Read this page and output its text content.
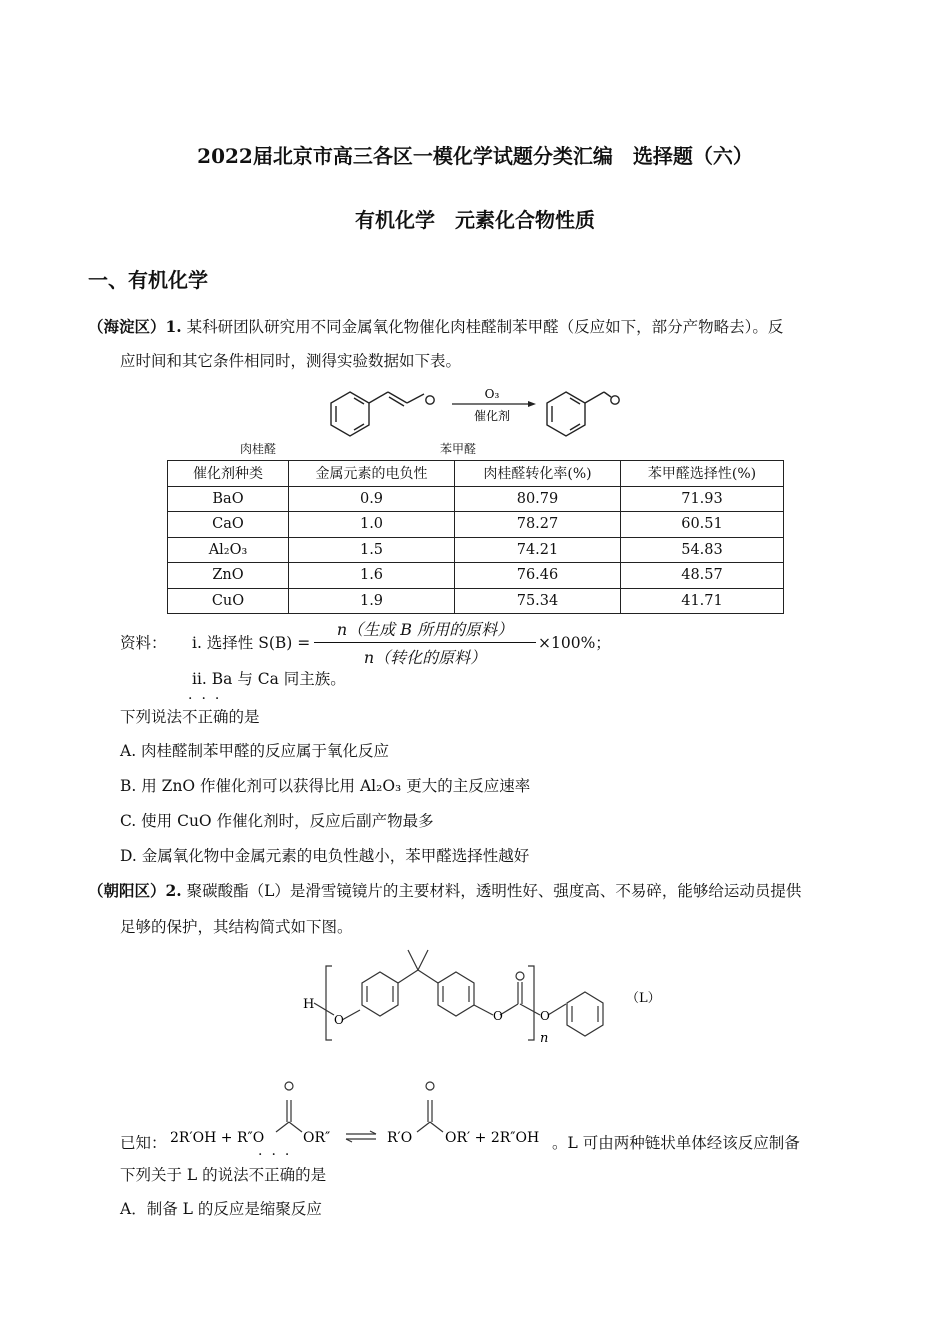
2022届北京市高三各区一模化学试题分类汇编　选择题（六）
有机化学　元素化合物性质
一、有机化学
（海淀区）1. 某科研团队研究用不同金属氧化物催化肉桂醛制苯甲醛（反应如下，部分产物略去）。反
应时间和其它条件相同时，测得实验数据如下表。
O₃
催化剂
肉桂醛	苯甲醛
催化剂种类	金属元素的电负性	肉桂醛转化率(%)	苯甲醛选择性(%)
BaO	0.9	80.79	71.93
CaO	1.0	78.27	60.51
Al₂O₃	1.5	74.21	54.83
ZnO	1.6	76.46	48.57
CuO	1.9	75.34	41.71
资料： ⅰ. 选择性 S(B) =
n（生成 B 所用的原料）
n（转化的原料）
×100%；
ⅱ. Ba 与 Ca 同主族。
···
下列说法不正确的是
A. 肉桂醛制苯甲醛的反应属于氧化反应
B. 用 ZnO 作催化剂可以获得比用 Al₂O₃ 更大的主反应速率
C. 使用 CuO 作催化剂时，反应后副产物最多
D. 金属氧化物中金属元素的电负性越小，苯甲醛选择性越好
（朝阳区）2. 聚碳酸酯（L）是滑雪镜镜片的主要材料，透明性好、强度高、不易碎，能够给运动员提供
足够的保护，其结构简式如下图。
H
O	O	O
n
（L）
已知： 2R′OH + R″O	OR″	R′O OR′ + 2R″OH 。L 可由两种链状单体经该反应制备
···
下列关于 L 的说法不正确的是
A．制备 L 的反应是缩聚反应
